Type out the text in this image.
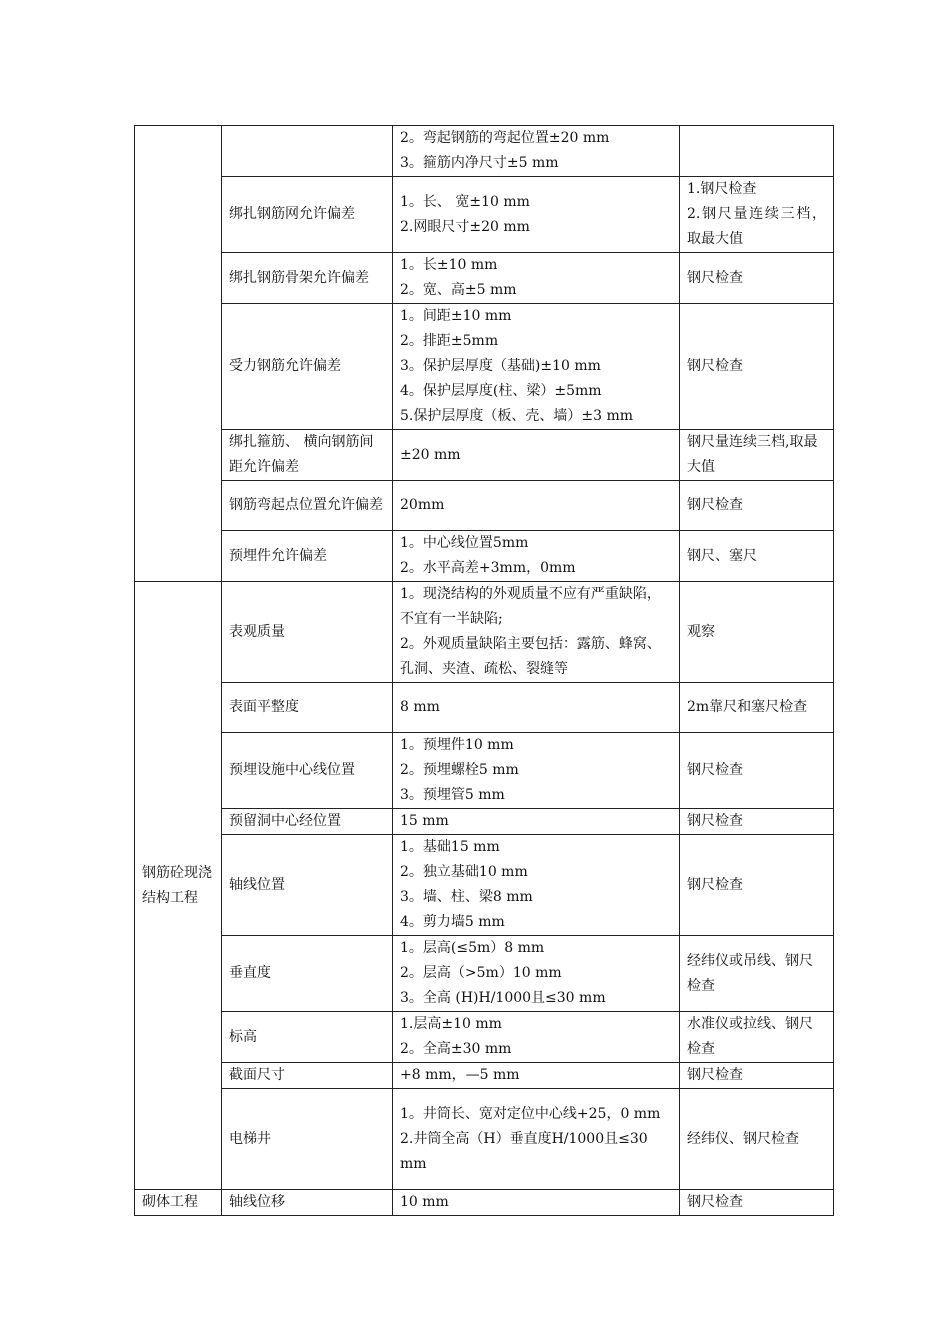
		2。弯起钢筋的弯起位置±20 mm
3。箍筋内净尺寸±5 mm	

	绑扎钢筋网允许偏差	1。长、 宽±10 mm
2.网眼尺寸±20 mm	1.钢尺检查
2.钢尺量连续三档，取最大值
	绑扎钢筋骨架允许偏差	1。长±10 mm
2。宽、高±5 mm	钢尺检查
	受力钢筋允许偏差	1。间距±10 mm
2。排距±5mm
3。保护层厚度（基础)±10 mm
4。保护层厚度(柱、梁）±5mm
5.保护层厚度（板、壳、墙）±3 mm	钢尺检查
	绑扎箍筋、 横向钢筋间距允许偏差	±20 mm	钢尺量连续三档,取最大值
	钢筋弯起点位置允许偏差	20mm	钢尺检查
	预埋件允许偏差	1。中心线位置5mm
2。水平高差+3mm，0mm	钢尺、塞尺
钢筋砼现浇结构工程	表观质量	1。现浇结构的外观质量不应有严重缺陷，不宜有一半缺陷;
2。外观质量缺陷主要包括：露筋、蜂窝、孔洞、夹渣、疏松、裂缝等	观察
	表面平整度	8 mm	2m靠尺和塞尺检查
	预埋设施中心线位置	1。预埋件10 mm
2。预埋螺栓5 mm
3。预埋管5 mm	钢尺检查
	预留洞中心经位置	15 mm	钢尺检查
	轴线位置	1。基础15 mm
2。独立基础10 mm
3。墙、柱、梁8 mm
4。剪力墙5 mm	钢尺检查
	垂直度	1。层高(≤5m）8 mm
2。层高（>5m）10 mm
3。全高 (H)H/1000且≤30 mm	经纬仪或吊线、钢尺检查
	标高	1.层高±10 mm
2。全高±30 mm	水准仪或拉线、钢尺检查
	截面尺寸	+8 mm，—5 mm	钢尺检查
	电梯井	1。井筒长、宽对定位中心线+25，0 mm
2.井筒全高（H）垂直度H/1000且≤30 mm	经纬仪、钢尺检查
砌体工程	轴线位移	10 mm	钢尺检查
